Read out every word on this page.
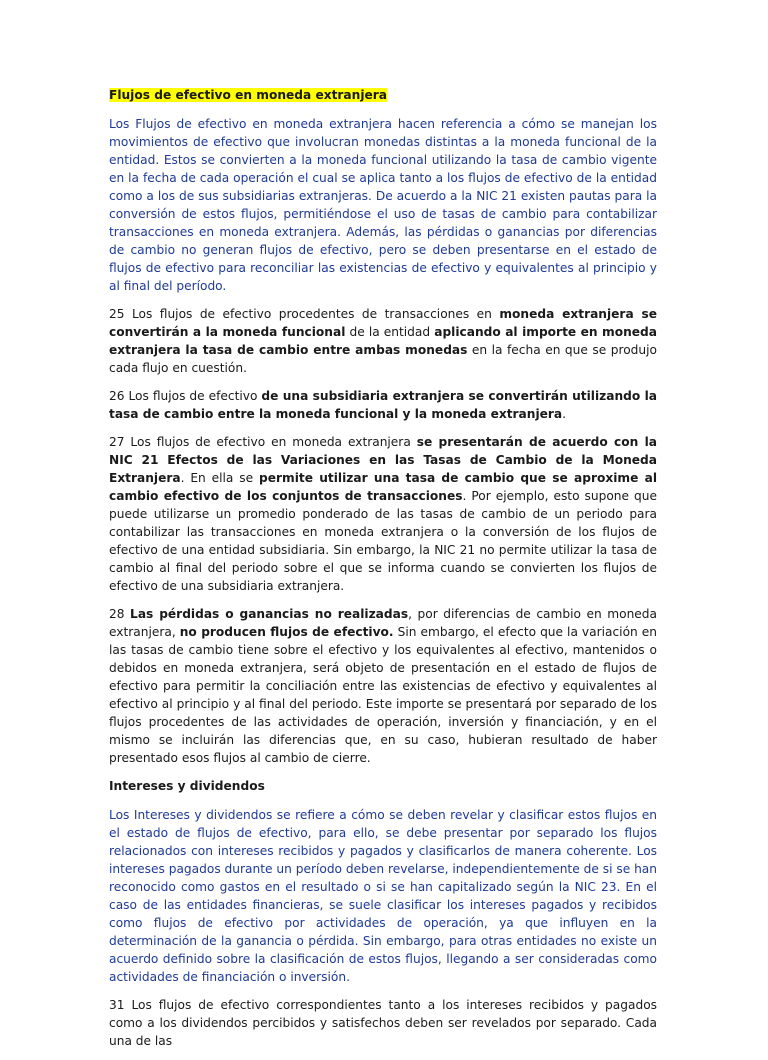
Flujos de efectivo en moneda extranjera

Los Flujos de efectivo en moneda extranjera hacen referencia a cómo se manejan los movimientos de efectivo que involucran monedas distintas a la moneda funcional de la entidad. Estos se convierten a la moneda funcional utilizando la tasa de cambio vigente en la fecha de cada operación el cual se aplica tanto a los flujos de efectivo de la entidad como a los de sus subsidiarias extranjeras. De acuerdo a la NIC 21 existen pautas para la conversión de estos flujos, permitiéndose el uso de tasas de cambio para contabilizar transacciones en moneda extranjera. Además, las pérdidas o ganancias por diferencias de cambio no generan flujos de efectivo, pero se deben presentarse en el estado de flujos de efectivo para reconciliar las existencias de efectivo y equivalentes al principio y al final del período.

25 Los flujos de efectivo procedentes de transacciones en moneda extranjera se convertirán a la moneda funcional de la entidad aplicando al importe en moneda extranjera la tasa de cambio entre ambas monedas en la fecha en que se produjo cada flujo en cuestión.

26 Los flujos de efectivo de una subsidiaria extranjera se convertirán utilizando la tasa de cambio entre la moneda funcional y la moneda extranjera.

27 Los flujos de efectivo en moneda extranjera se presentarán de acuerdo con la NIC 21 Efectos de las Variaciones en las Tasas de Cambio de la Moneda Extranjera. En ella se permite utilizar una tasa de cambio que se aproxime al cambio efectivo de los conjuntos de transacciones. Por ejemplo, esto supone que puede utilizarse un promedio ponderado de las tasas de cambio de un periodo para contabilizar las transacciones en moneda extranjera o la conversión de los flujos de efectivo de una entidad subsidiaria. Sin embargo, la NIC 21 no permite utilizar la tasa de cambio al final del periodo sobre el que se informa cuando se convierten los flujos de efectivo de una subsidiaria extranjera.

28 Las pérdidas o ganancias no realizadas, por diferencias de cambio en moneda extranjera, no producen flujos de efectivo. Sin embargo, el efecto que la variación en las tasas de cambio tiene sobre el efectivo y los equivalentes al efectivo, mantenidos o debidos en moneda extranjera, será objeto de presentación en el estado de flujos de efectivo para permitir la conciliación entre las existencias de efectivo y equivalentes al efectivo al principio y al final del periodo. Este importe se presentará por separado de los flujos procedentes de las actividades de operación, inversión y financiación, y en el mismo se incluirán las diferencias que, en su caso, hubieran resultado de haber presentado esos flujos al cambio de cierre.

Intereses y dividendos

Los Intereses y dividendos se refiere a cómo se deben revelar y clasificar estos flujos en el estado de flujos de efectivo, para ello, se debe presentar por separado los flujos relacionados con intereses recibidos y pagados y clasificarlos de manera coherente. Los intereses pagados durante un período deben revelarse, independientemente de si se han reconocido como gastos en el resultado o si se han capitalizado según la NIC 23. En el caso de las entidades financieras, se suele clasificar los intereses pagados y recibidos como flujos de efectivo por actividades de operación, ya que influyen en la determinación de la ganancia o pérdida. Sin embargo, para otras entidades no existe un acuerdo definido sobre la clasificación de estos flujos, llegando a ser consideradas como actividades de financiación o inversión.

31 Los flujos de efectivo correspondientes tanto a los intereses recibidos y pagados como a los dividendos percibidos y satisfechos deben ser revelados por separado. Cada una de las
